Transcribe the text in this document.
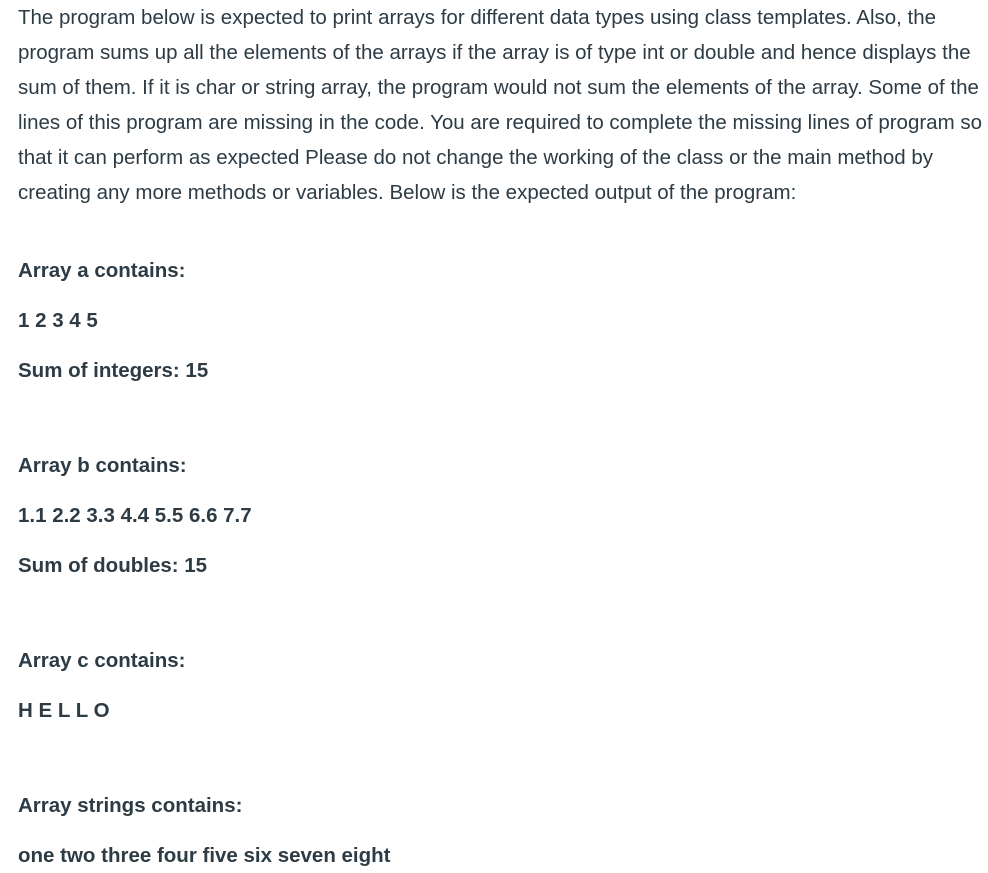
The program below is expected to print arrays for different data types using class templates. Also, the program sums up all the elements of the arrays if the array is of type int or double and hence displays the sum of them. If it is char or string array, the program would not sum the elements of the array. Some of the lines of this program are missing in the code. You are required to complete the missing lines of program so that it can perform as expected Please do not change the working of the class or the main method by creating any more methods or variables. Below is the expected output of the program:

Array a contains:
1 2 3 4 5
Sum of integers: 15
Array b contains:
1.1 2.2 3.3 4.4 5.5 6.6 7.7
Sum of doubles: 15
Array c contains:
H E L L O
Array strings contains:
one two three four five six seven eight
